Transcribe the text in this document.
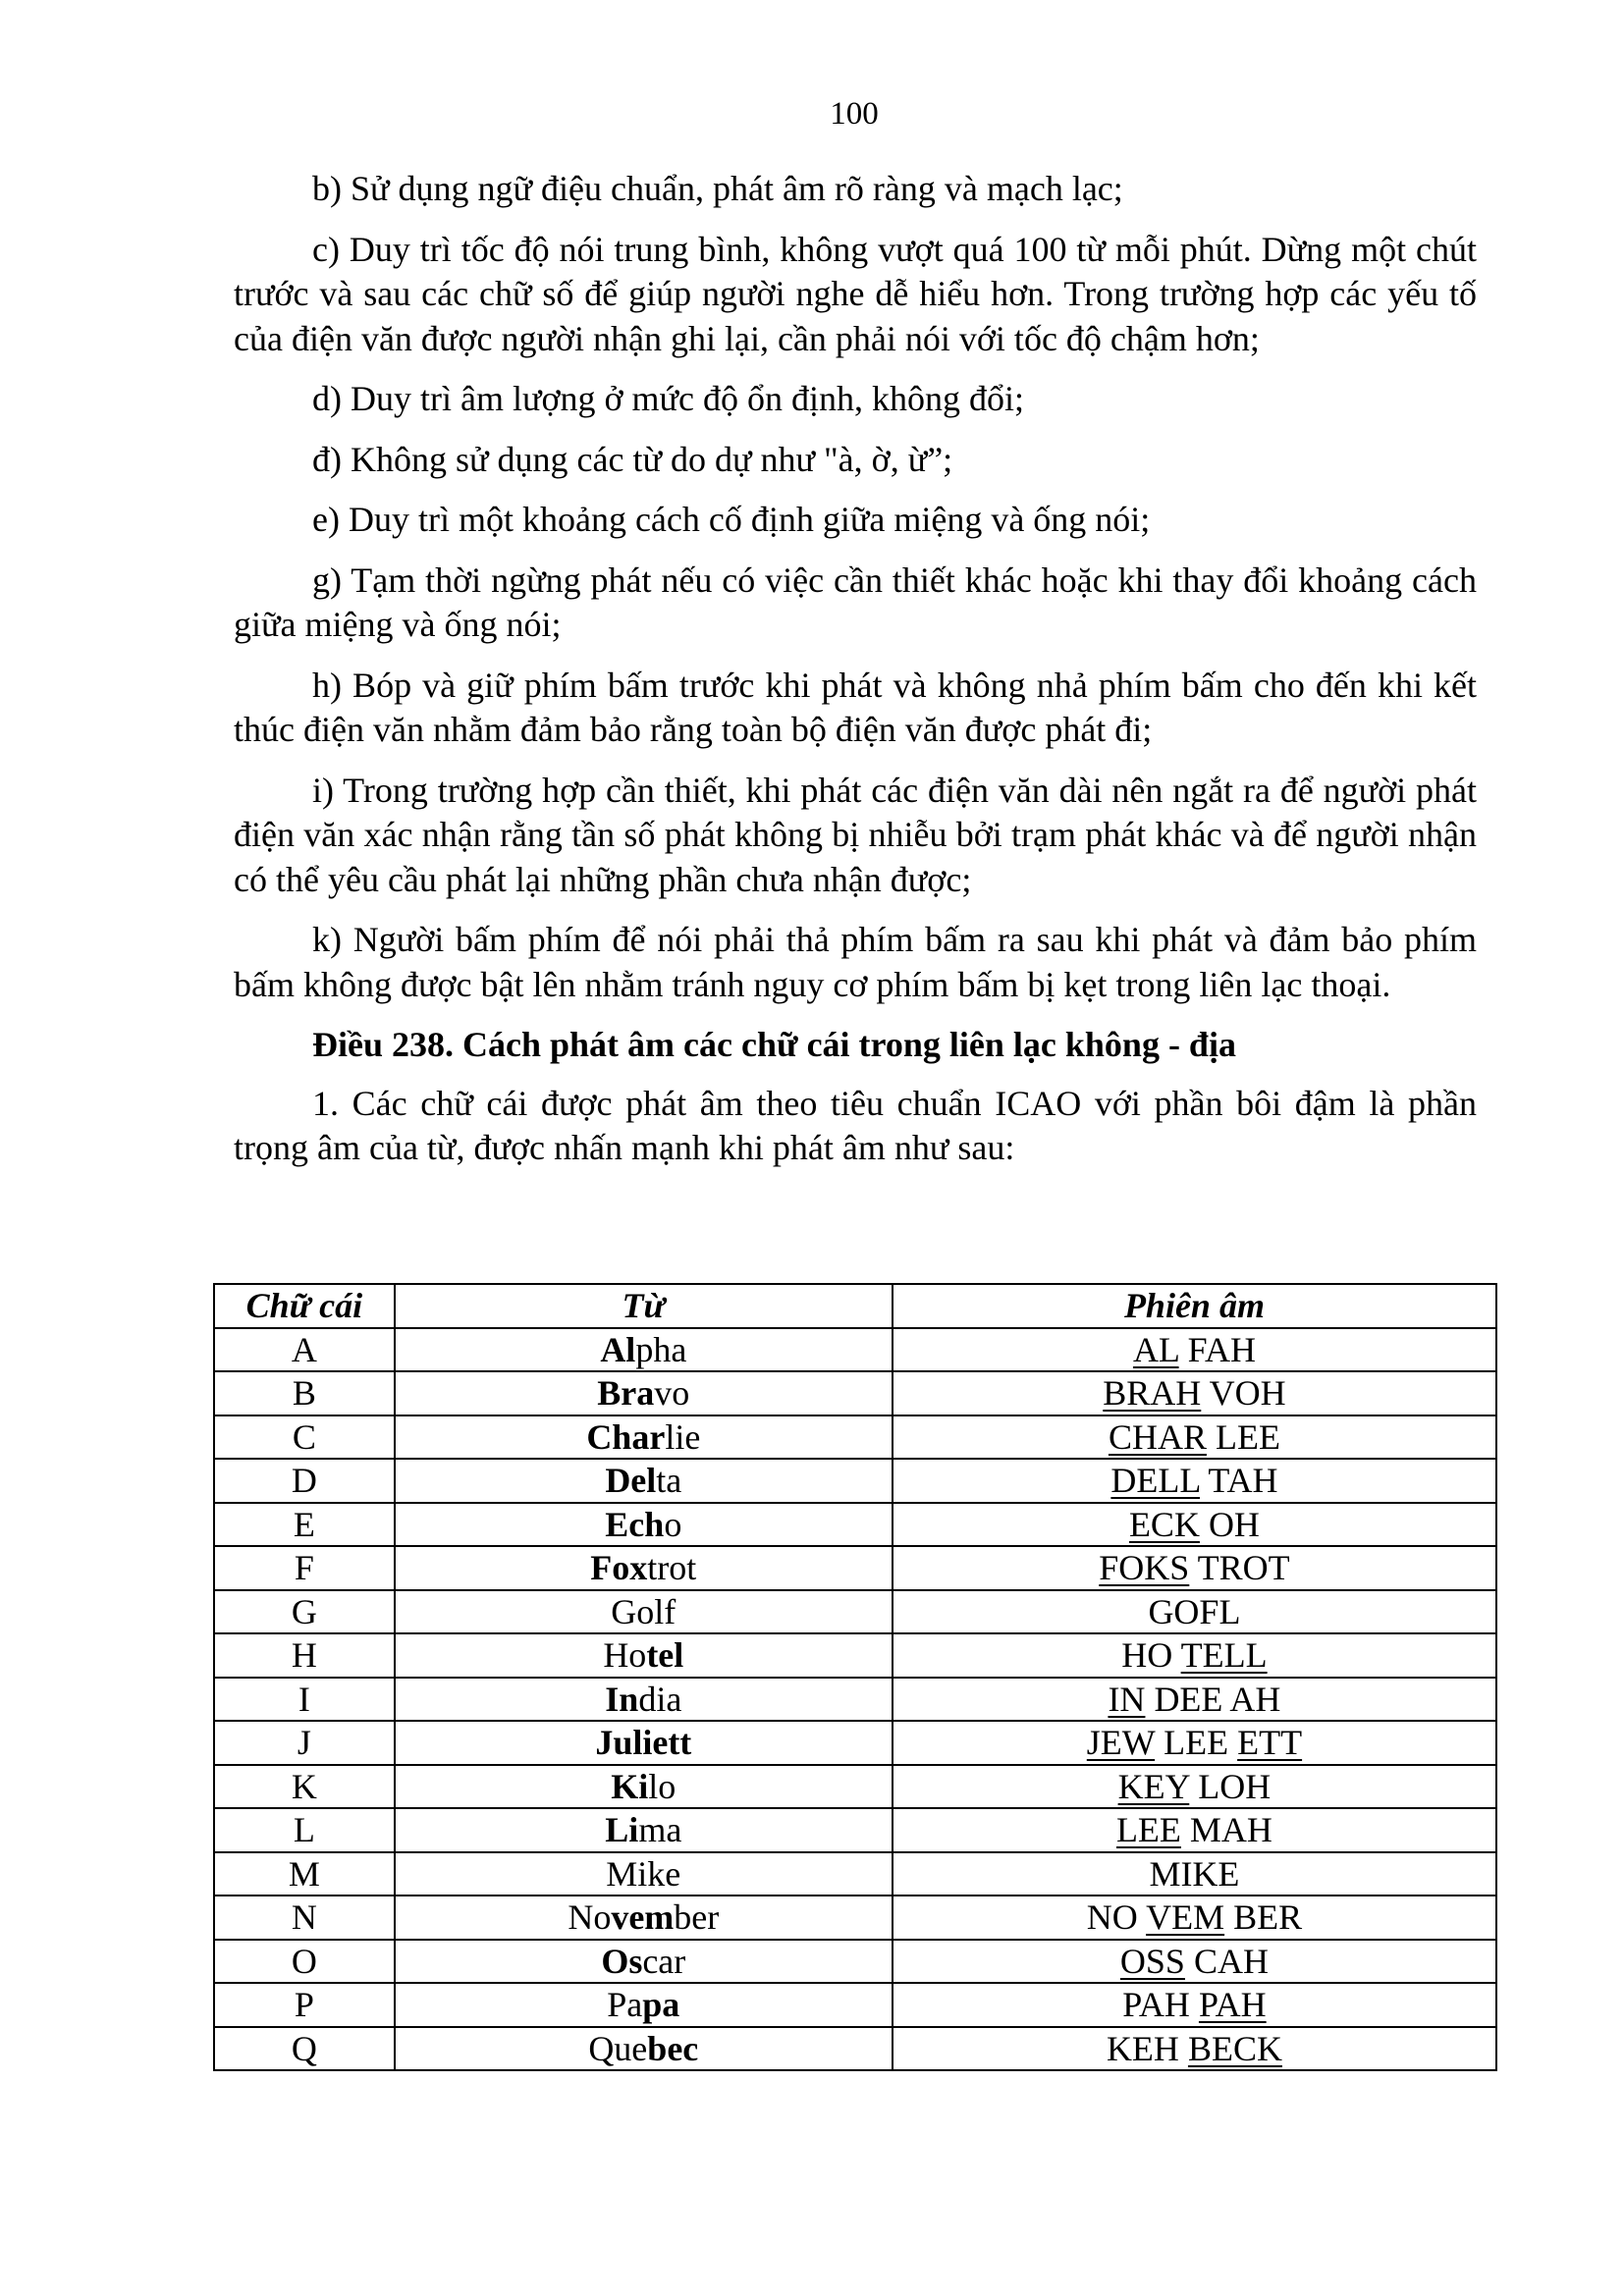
100

b) Sử dụng ngữ điệu chuẩn, phát âm rõ ràng và mạch lạc;

c) Duy trì tốc độ nói trung bình, không vượt quá 100 từ mỗi phút. Dừng một chút trước và sau các chữ số để giúp người nghe dễ hiểu hơn. Trong trường hợp các yếu tố của điện văn được người nhận ghi lại, cần phải nói với tốc độ chậm hơn;

d) Duy trì âm lượng ở mức độ ổn định, không đổi;

đ) Không sử dụng các từ do dự như "à, ờ, ừ”;

e) Duy trì một khoảng cách cố định giữa miệng và ống nói;

g) Tạm thời ngừng phát nếu có việc cần thiết khác hoặc khi thay đổi khoảng cách giữa miệng và ống nói;

h) Bóp và giữ phím bấm trước khi phát và không nhả phím bấm cho đến khi kết thúc điện văn nhằm đảm bảo rằng toàn bộ điện văn được phát đi;

i) Trong trường hợp cần thiết, khi phát các điện văn dài nên ngắt ra để người phát điện văn xác nhận rằng tần số phát không bị nhiễu bởi trạm phát khác và để người nhận có thể yêu cầu phát lại những phần chưa nhận được;

k) Người bấm phím để nói phải thả phím bấm ra sau khi phát và đảm bảo phím bấm không được bật lên nhằm tránh nguy cơ phím bấm bị kẹt trong liên lạc thoại.

Điều 238. Cách phát âm các chữ cái trong liên lạc không - địa

1. Các chữ cái được phát âm theo tiêu chuẩn ICAO với phần bôi đậm là phần trọng âm của từ, được nhấn mạnh khi phát âm như sau:

Chữ cái	Từ	Phiên âm
A	Alpha	AL FAH
B	Bravo	BRAH VOH
C	Charlie	CHAR LEE
D	Delta	DELL TAH
E	Echo	ECK OH
F	Foxtrot	FOKS TROT
G	Golf	GOFL
H	Hotel	HO TELL
I	India	IN DEE AH
J	Juliett	JEW LEE ETT
K	Kilo	KEY LOH
L	Lima	LEE MAH
M	Mike	MIKE
N	November	NO VEM BER
O	Oscar	OSS CAH
P	Papa	PAH PAH
Q	Quebec	KEH BECK
